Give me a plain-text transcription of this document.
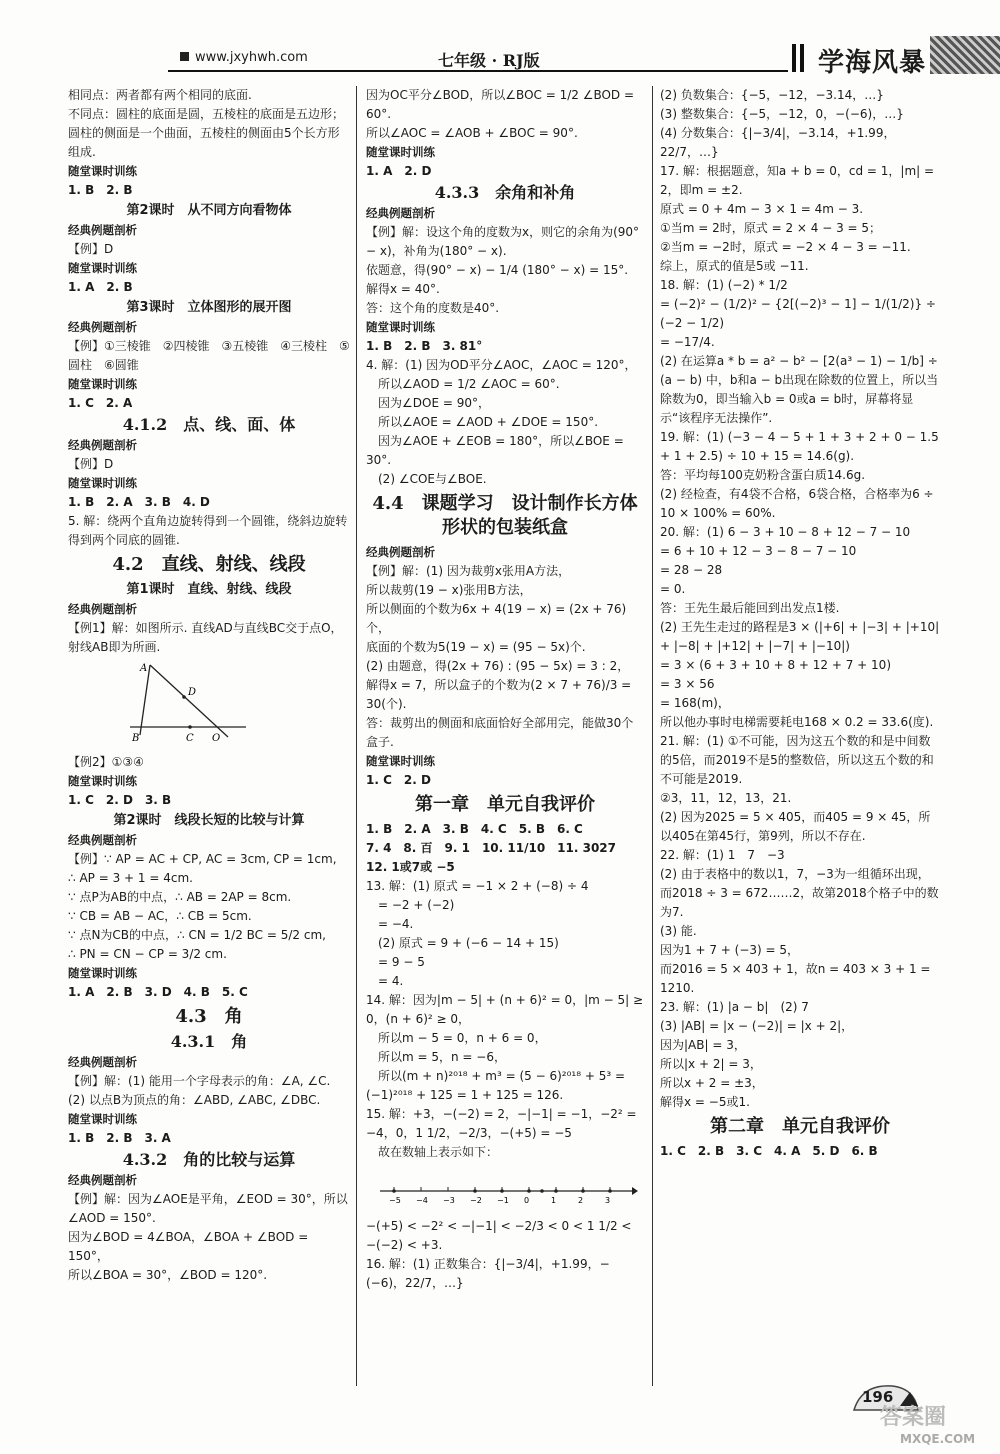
www.jxyhwh.com	七年级 · RJ版	学海风暴

相同点：两者都有两个相同的底面.

不同点：圆柱的底面是圆，五棱柱的底面是五边形；圆柱的侧面是一个曲面，五棱柱的侧面由5个长方形组成.

随堂课时训练

1. B　2. B

第2课时　从不同方向看物体

经典例题剖析

【例】D

随堂课时训练

1. A　2. B

第3课时　立体图形的展开图

经典例题剖析

【例】①三棱锥　②四棱锥　③五棱锥　④三棱柱　⑤圆柱　⑥圆锥

随堂课时训练

1. C　2. A

4.1.2　点、线、面、体

经典例题剖析

【例】D

随堂课时训练

1. B　2. A　3. B　4. D

5. 解：绕两个直角边旋转得到一个圆锥，绕斜边旋转得到两个同底的圆锥.

4.2　直线、射线、线段

第1课时　直线、射线、线段

经典例题剖析

【例1】解：如图所示. 直线AD与直线BC交于点O，射线AB即为所画.

A
D
B	C O

【例2】①③④

随堂课时训练

1. C　2. D　3. B

第2课时　线段长短的比较与计算

经典例题剖析

【例】∵ AP = AC + CP, AC = 3cm, CP = 1cm,

∴ AP = 3 + 1 = 4cm.

∵ 点P为AB的中点，∴ AB = 2AP = 8cm.

∵ CB = AB − AC，∴ CB = 5cm.

∵ 点N为CB的中点，∴ CN = 1/2 BC = 5/2 cm,

∴ PN = CN − CP = 3/2 cm.

随堂课时训练

1. A　2. B　3. D　4. B　5. C

4.3　角

4.3.1　角

经典例题剖析

【例】解：(1) 能用一个字母表示的角：∠A, ∠C.

(2) 以点B为顶点的角：∠ABD, ∠ABC, ∠DBC.

随堂课时训练

1. B　2. B　3. A

4.3.2　角的比较与运算

经典例题剖析

【例】解：因为∠AOE是平角，∠EOD = 30°，所以∠AOD = 150°.

因为∠BOD = 4∠BOA，∠BOA + ∠BOD = 150°，

所以∠BOA = 30°，∠BOD = 120°.

因为OC平分∠BOD，所以∠BOC = 1/2 ∠BOD = 60°.

所以∠AOC = ∠AOB + ∠BOC = 90°.

随堂课时训练

1. A　2. D

4.3.3　余角和补角

经典例题剖析

【例】解：设这个角的度数为x，则它的余角为(90° − x)，补角为(180° − x).

依题意，得(90° − x) − 1/4 (180° − x) = 15°.

解得x = 40°.

答：这个角的度数是40°.

随堂课时训练

1. B　2. B　3. 81°

4. 解：(1) 因为OD平分∠AOC，∠AOC = 120°，

　所以∠AOD = 1/2 ∠AOC = 60°.

　因为∠DOE = 90°，

　所以∠AOE = ∠AOD + ∠DOE = 150°.

　因为∠AOE + ∠EOB = 180°，所以∠BOE = 30°.

　(2) ∠COE与∠BOE.

4.4　课题学习　设计制作长方体形状的包装纸盒

经典例题剖析

【例】解：(1) 因为裁剪x张用A方法，

所以裁剪(19 − x)张用B方法，

所以侧面的个数为6x + 4(19 − x) = (2x + 76)个，

底面的个数为5(19 − x) = (95 − 5x)个.

(2) 由题意，得(2x + 76) : (95 − 5x) = 3 : 2，

解得x = 7，所以盒子的个数为(2 × 7 + 76)/3 = 30(个).

答：裁剪出的侧面和底面恰好全部用完，能做30个盒子.

随堂课时训练

1. C　2. D

第一章　单元自我评价

1. B　2. A　3. B　4. C　5. B　6. C

7. 4　8. 百　9. 1　10. 11/10　11. 3027

12. 1或7或 −5

13. 解：(1) 原式 = −1 × 2 + (−8) ÷ 4

　= −2 + (−2)

　= −4.

　(2) 原式 = 9 + (−6 − 14 + 15)

　= 9 − 5

　= 4.

14. 解：因为|m − 5| + (n + 6)² = 0，|m − 5| ≥ 0，(n + 6)² ≥ 0，

　所以m − 5 = 0，n + 6 = 0，

　所以m = 5，n = −6，

　所以(m + n)²⁰¹⁸ + m³ = (5 − 6)²⁰¹⁸ + 5³ = (−1)²⁰¹⁸ + 125 = 1 + 125 = 126.

15. 解：+3，−(−2) = 2，−|−1| = −1，−2² = −4，0，1 1/2，−2/3，−(+5) = −5

　故在数轴上表示如下：

−5 −4 −3 −2 −1 0	1	2	3

−(+5) < −2² < −|−1| < −2/3 < 0 < 1 1/2 < −(−2) < +3.

16. 解：(1) 正数集合：{|−3/4|，+1.99，−(−6)，22/7，…}

(2) 负数集合：{−5，−12，−3.14，…}

(3) 整数集合：{−5，−12，0，−(−6)，…}

(4) 分数集合：{|−3/4|，−3.14，+1.99，22/7，…}

17. 解：根据题意，知a + b = 0，cd = 1，|m| = 2，即m = ±2.

原式 = 0 + 4m − 3 × 1 = 4m − 3.

①当m = 2时，原式 = 2 × 4 − 3 = 5；

②当m = −2时，原式 = −2 × 4 − 3 = −11.

综上，原式的值是5或 −11.

18. 解：(1) (−2) * 1/2

= (−2)² − (1/2)² − {2[(−2)³ − 1] − 1/(1/2)} ÷ (−2 − 1/2)

= −17/4.

(2) 在运算a * b = a² − b² − [2(a³ − 1) − 1/b] ÷ (a − b) 中，b和a − b出现在除数的位置上，所以当除数为0，即当输入b = 0或a = b时，屏幕将显示“该程序无法操作”.

19. 解：(1) (−3 − 4 − 5 + 1 + 3 + 2 + 0 − 1.5 + 1 + 2.5) ÷ 10 + 15 = 14.6(g).

答：平均每100克奶粉含蛋白质14.6g.

(2) 经检查，有4袋不合格，6袋合格，合格率为6 ÷ 10 × 100% = 60%.

20. 解：(1) 6 − 3 + 10 − 8 + 12 − 7 − 10

= 6 + 10 + 12 − 3 − 8 − 7 − 10

= 28 − 28

= 0.

答：王先生最后能回到出发点1楼.

(2) 王先生走过的路程是3 × (|+6| + |−3| + |+10| + |−8| + |+12| + |−7| + |−10|)

= 3 × (6 + 3 + 10 + 8 + 12 + 7 + 10)

= 3 × 56

= 168(m)，

所以他办事时电梯需要耗电168 × 0.2 = 33.6(度).

21. 解：(1) ①不可能，因为这五个数的和是中间数的5倍，而2019不是5的整数倍，所以这五个数的和不可能是2019.

②3，11，12，13，21.

(2) 因为2025 = 5 × 405，而405 = 9 × 45，所以405在第45行，第9列，所以不存在.

22. 解：(1) 1　7　−3

(2) 由于表格中的数以1，7，−3为一组循环出现，

而2018 ÷ 3 = 672……2，故第2018个格子中的数为7.

(3) 能.

因为1 + 7 + (−3) = 5，

而2016 = 5 × 403 + 1，故n = 403 × 3 + 1 = 1210.

23. 解：(1) |a − b|　(2) 7

(3) |AB| = |x − (−2)| = |x + 2|，

因为|AB| = 3，

所以|x + 2| = 3，

所以x + 2 = ±3，

解得x = −5或1.

第二章　单元自我评价

1. C　2. B　3. C　4. A　5. D　6. B

196
答案圈
MXQE.COM
